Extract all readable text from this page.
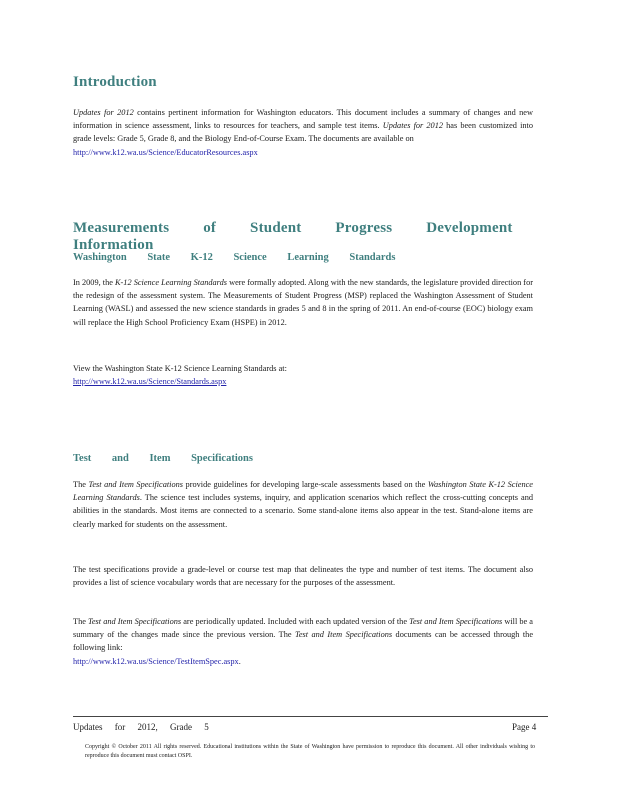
Introduction
Updates for 2012 contains pertinent information for Washington educators. This document includes a summary of changes and new information in science assessment, links to resources for teachers, and sample test items. Updates for 2012 has been customized into grade levels: Grade 5, Grade 8, and the Biology End-of-Course Exam. The documents are available on
http://www.k12.wa.us/Science/EducatorResources.aspx
Measurements of Student Progress Development Information
Washington State K-12 Science Learning Standards
In 2009, the K-12 Science Learning Standards were formally adopted. Along with the new standards, the legislature provided direction for the redesign of the assessment system. The Measurements of Student Progress (MSP) replaced the Washington Assessment of Student Learning (WASL) and assessed the new science standards in grades 5 and 8 in the spring of 2011. An end-of-course (EOC) biology exam will replace the High School Proficiency Exam (HSPE) in 2012.
View the Washington State K-12 Science Learning Standards at:
http://www.k12.wa.us/Science/Standards.aspx
Test and Item Specifications
The Test and Item Specifications provide guidelines for developing large-scale assessments based on the Washington State K-12 Science Learning Standards. The science test includes systems, inquiry, and application scenarios which reflect the cross-cutting concepts and abilities in the standards. Most items are connected to a scenario. Some stand-alone items also appear in the test. Stand-alone items are clearly marked for students on the assessment.
The test specifications provide a grade-level or course test map that delineates the type and number of test items. The document also provides a list of science vocabulary words that are necessary for the purposes of the assessment.
The Test and Item Specifications are periodically updated. Included with each updated version of the Test and Item Specifications will be a summary of the changes made since the previous version. The Test and Item Specifications documents can be accessed through the following link:
http://www.k12.wa.us/Science/TestItemSpec.aspx.
Updates for 2012, Grade 5	Page 4
Copyright © October 2011 All rights reserved. Educational institutions within the State of Washington have permission to reproduce this document. All other individuals wishing to reproduce this document must contact OSPI.
